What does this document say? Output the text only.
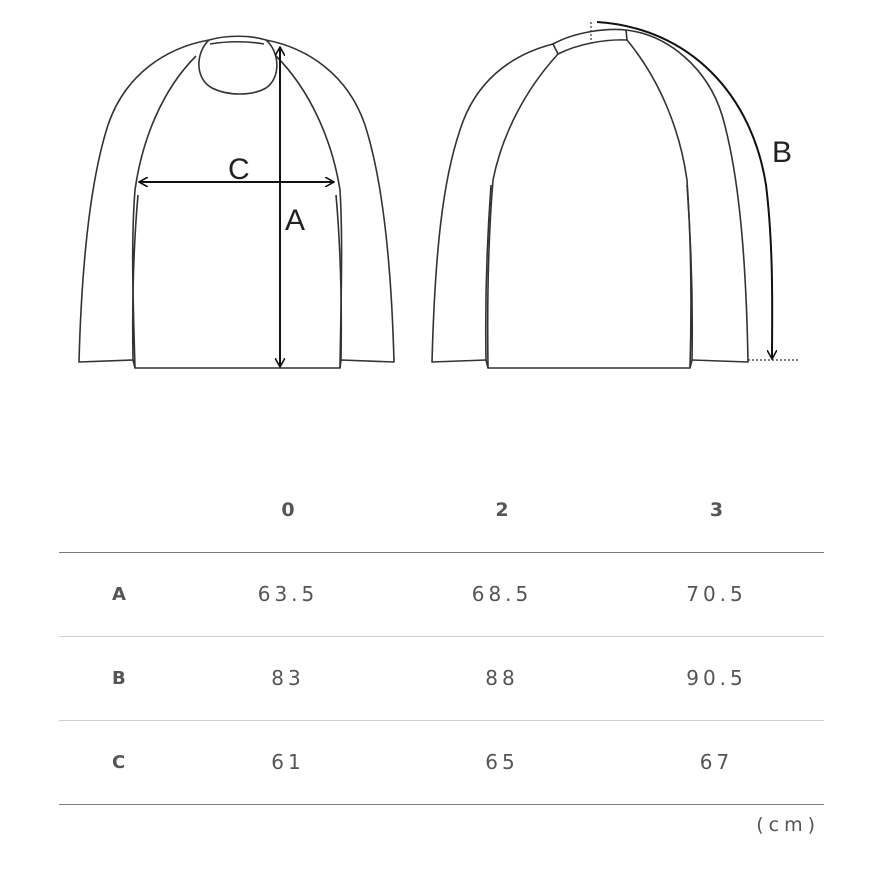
C
A
B
	0	2	3
A	63.5	68.5	70.5
B	83	88	90.5
C	61	65	67
(cm)
